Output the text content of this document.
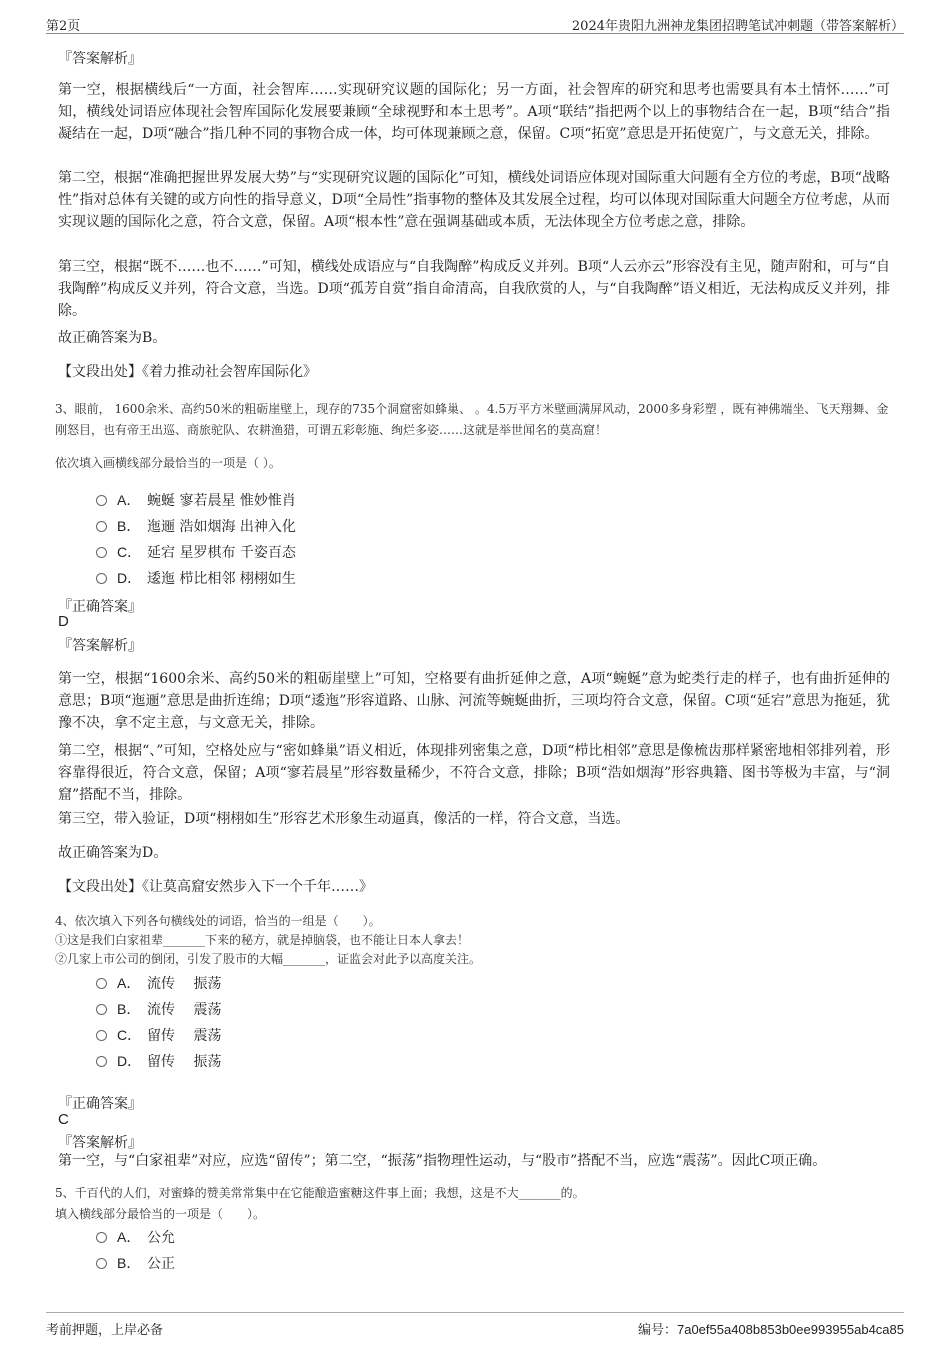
第2页	2024年贵阳九洲神龙集团招聘笔试冲刺题（带答案解析）
『答案解析』
第一空，根据横线后“一方面，社会智库……实现研究议题的国际化；另一方面，社会智库的研究和思考也需要具有本土情怀……”可知，横线处词语应体现社会智库国际化发展要兼顾“全球视野和本土思考”。A项“联结”指把两个以上的事物结合在一起，B项“结合”指凝结在一起，D项“融合”指几种不同的事物合成一体，均可体现兼顾之意，保留。C项“拓宽”意思是开拓使宽广，与文意无关，排除。
第二空，根据“准确把握世界发展大势”与“实现研究议题的国际化”可知，横线处词语应体现对国际重大问题有全方位的考虑，B项“战略性”指对总体有关键的或方向性的指导意义，D项“全局性”指事物的整体及其发展全过程，均可以体现对国际重大问题全方位考虑，从而实现议题的国际化之意，符合文意，保留。A项“根本性”意在强调基础或本质，无法体现全方位考虑之意，排除。
第三空，根据“既不……也不……”可知，横线处成语应与“自我陶醉”构成反义并列。B项“人云亦云”形容没有主见，随声附和，可与“自我陶醉”构成反义并列，符合文意，当选。D项“孤芳自赏”指自命清高，自我欣赏的人，与“自我陶醉”语义相近，无法构成反义并列，排除。
故正确答案为B。
【文段出处】《着力推动社会智库国际化》
3、眼前， 1600余米、高约50米的粗砺崖壁上，现存的735个洞窟密如蜂巢、 。4.5万平方米壁画满屏风动，2000多身彩塑 ，既有神佛端坐、飞天翔舞、金刚怒目，也有帝王出巡、商旅驼队、农耕渔猎，可谓五彩彰施、绚烂多姿……这就是举世闻名的莫高窟！
依次填入画横线部分最恰当的一项是（ ）。
A． 蜿蜒 寥若晨星 惟妙惟肖
B． 迤逦 浩如烟海 出神入化
C． 延宕 星罗棋布 千姿百态
D． 逶迤 栉比相邻 栩栩如生
『正确答案』
D
『答案解析』
第一空，根据“1600余米、高约50米的粗砺崖壁上”可知，空格要有曲折延伸之意，A项“蜿蜒”意为蛇类行走的样子，也有曲折延伸的意思；B项“迤逦”意思是曲折连绵；D项“逶迤”形容道路、山脉、河流等蜿蜒曲折，三项均符合文意，保留。C项“延宕”意思为拖延，犹豫不决，拿不定主意，与文意无关，排除。
第二空，根据“、”可知，空格处应与“密如蜂巢”语义相近，体现排列密集之意，D项“栉比相邻”意思是像梳齿那样紧密地相邻排列着，形容靠得很近，符合文意，保留；A项“寥若晨星”形容数量稀少，不符合文意，排除；B项“浩如烟海”形容典籍、图书等极为丰富，与“洞窟”搭配不当，排除。
第三空，带入验证，D项“栩栩如生”形容艺术形象生动逼真，像活的一样，符合文意，当选。
故正确答案为D。
【文段出处】《让莫高窟安然步入下一个千年……》
4、依次填入下列各句横线处的词语，恰当的一组是（　　）。
①这是我们白家祖辈_______下来的秘方，就是掉脑袋，也不能让日本人拿去！
②几家上市公司的倒闭，引发了股市的大幅_______，证监会对此予以高度关注。
A． 流传　 振荡
B． 流传　 震荡
C． 留传　 震荡
D． 留传　 振荡
『正确答案』
C
『答案解析』
第一空，与“白家祖辈”对应，应选“留传”；第二空，“振荡”指物理性运动，与“股市”搭配不当，应选“震荡”。因此C项正确。
5、千百代的人们，对蜜蜂的赞美常常集中在它能酿造蜜糖这件事上面；我想，这是不大_______的。
填入横线部分最恰当的一项是（　　）。
A． 公允
B． 公正
考前押题，上岸必备	编号：7a0ef55a408b853b0ee993955ab4ca85
